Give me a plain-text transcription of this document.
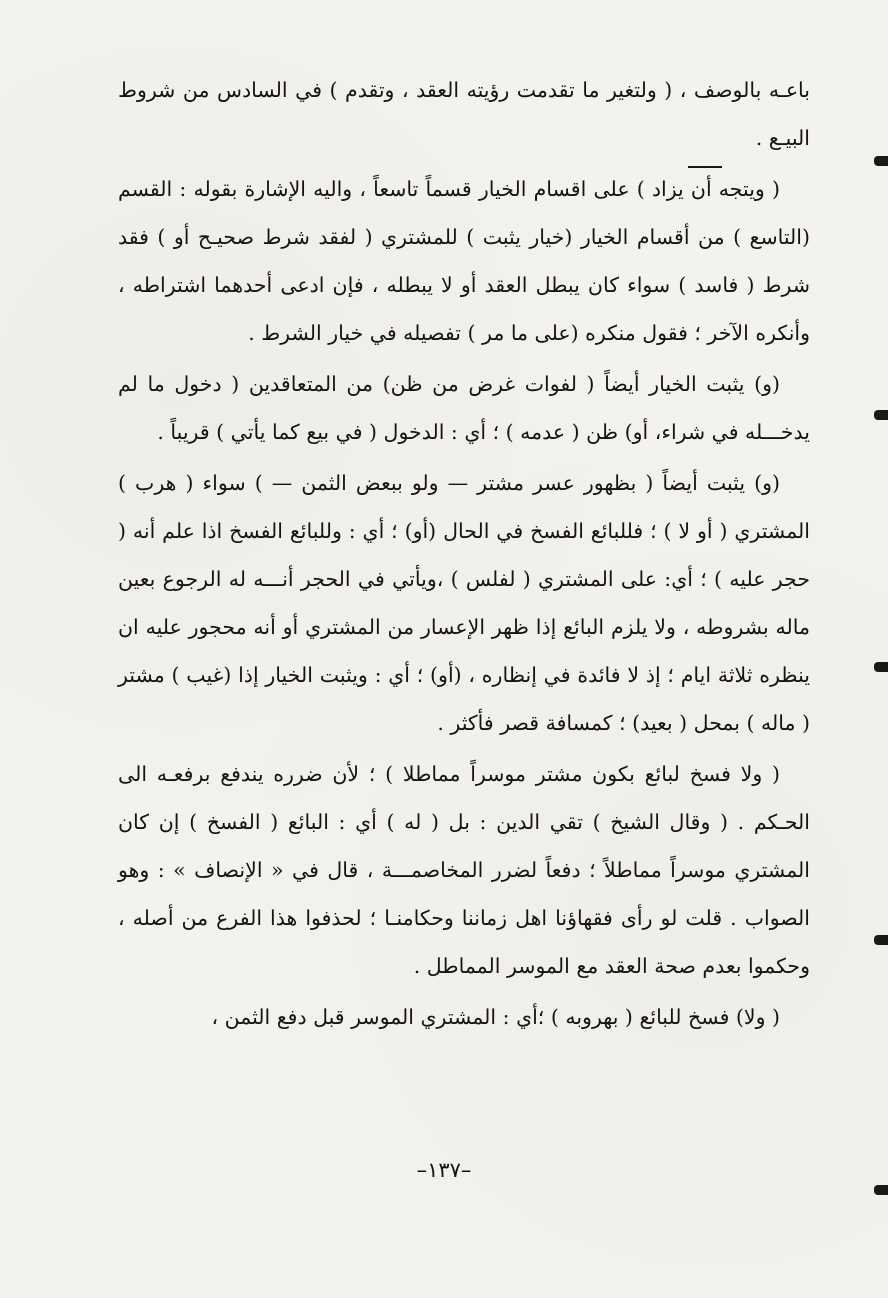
باعـه بالوصف ، ( ولتغير ما تقدمت رؤيته العقد ، وتقدم ) في السادس من شروط البيـع .

( ويتجه أن يزاد ) على اقسام الخيار قسماً تاسعاً ، واليه الإشارة بقوله : القسم (التاسع ) من أقسام الخيار (خيار يثبت ) للمشتري ( لفقد شرط صحيـح أو ) فقد شرط ( فاسد ) سواء كان يبطل العقد أو لا يبطله ، فإن ادعى أحدهما اشتراطه ، وأنكره الآخر ؛ فقول منكره (على ما مر ) تفصيله في خيار الشرط .

(و) يثبت الخيار أيضاً ( لفوات غرض من ظن) من المتعاقدين ( دخول ما لم يدخـــله في شراء، أو) ظن ( عدمه ) ؛ أي : الدخول ( في بيع كما يأتي ) قريباً .

(و) يثبت أيضاً ( بظهور عسر مشتر — ولو ببعض الثمن — ) سواء ( هرب ) المشتري ( أو لا ) ؛ فللبائع الفسخ في الحال (أو) ؛ أي : وللبائع الفسخ اذا علم أنه ( حجر عليه ) ؛ أي: على المشتري ( لفلس ) ،ويأتي في الحجر أنـــه له الرجوع بعين ماله بشروطه ، ولا يلزم البائع إذا ظهر الإعسار من المشتري أو أنه محجور عليه ان ينظره ثلاثة ايام ؛ إذ لا فائدة في إنظاره ، (أو) ؛ أي : ويثبت الخيار إذا (غيب ) مشتر ( ماله ) بمحل ( بعيد) ؛ كمسافة قصر فأكثر .

( ولا فسخ لبائع بكون مشتر موسراً مماطلا ) ؛ لأن ضرره يندفع برفعـه الى الحـكم . ( وقال الشيخ ) تقي الدين : بل ( له ) أي : البائع ( الفسخ ) إن كان المشتري موسراً مماطلاً ؛ دفعاً لضرر المخاصمـــة ، قال في « الإنصاف » : وهو الصواب . قلت لو رأى فقهاؤنا اهل زماننا وحكامنـا ؛ لحذفوا هذا الفرع من أصله ، وحكموا بعدم صحة العقد مع الموسر المماطل .

( ولا) فسخ للبائع ( بهروبه ) ؛أي : المشتري الموسر قبل دفع الثمن ،

–١٣٧–
